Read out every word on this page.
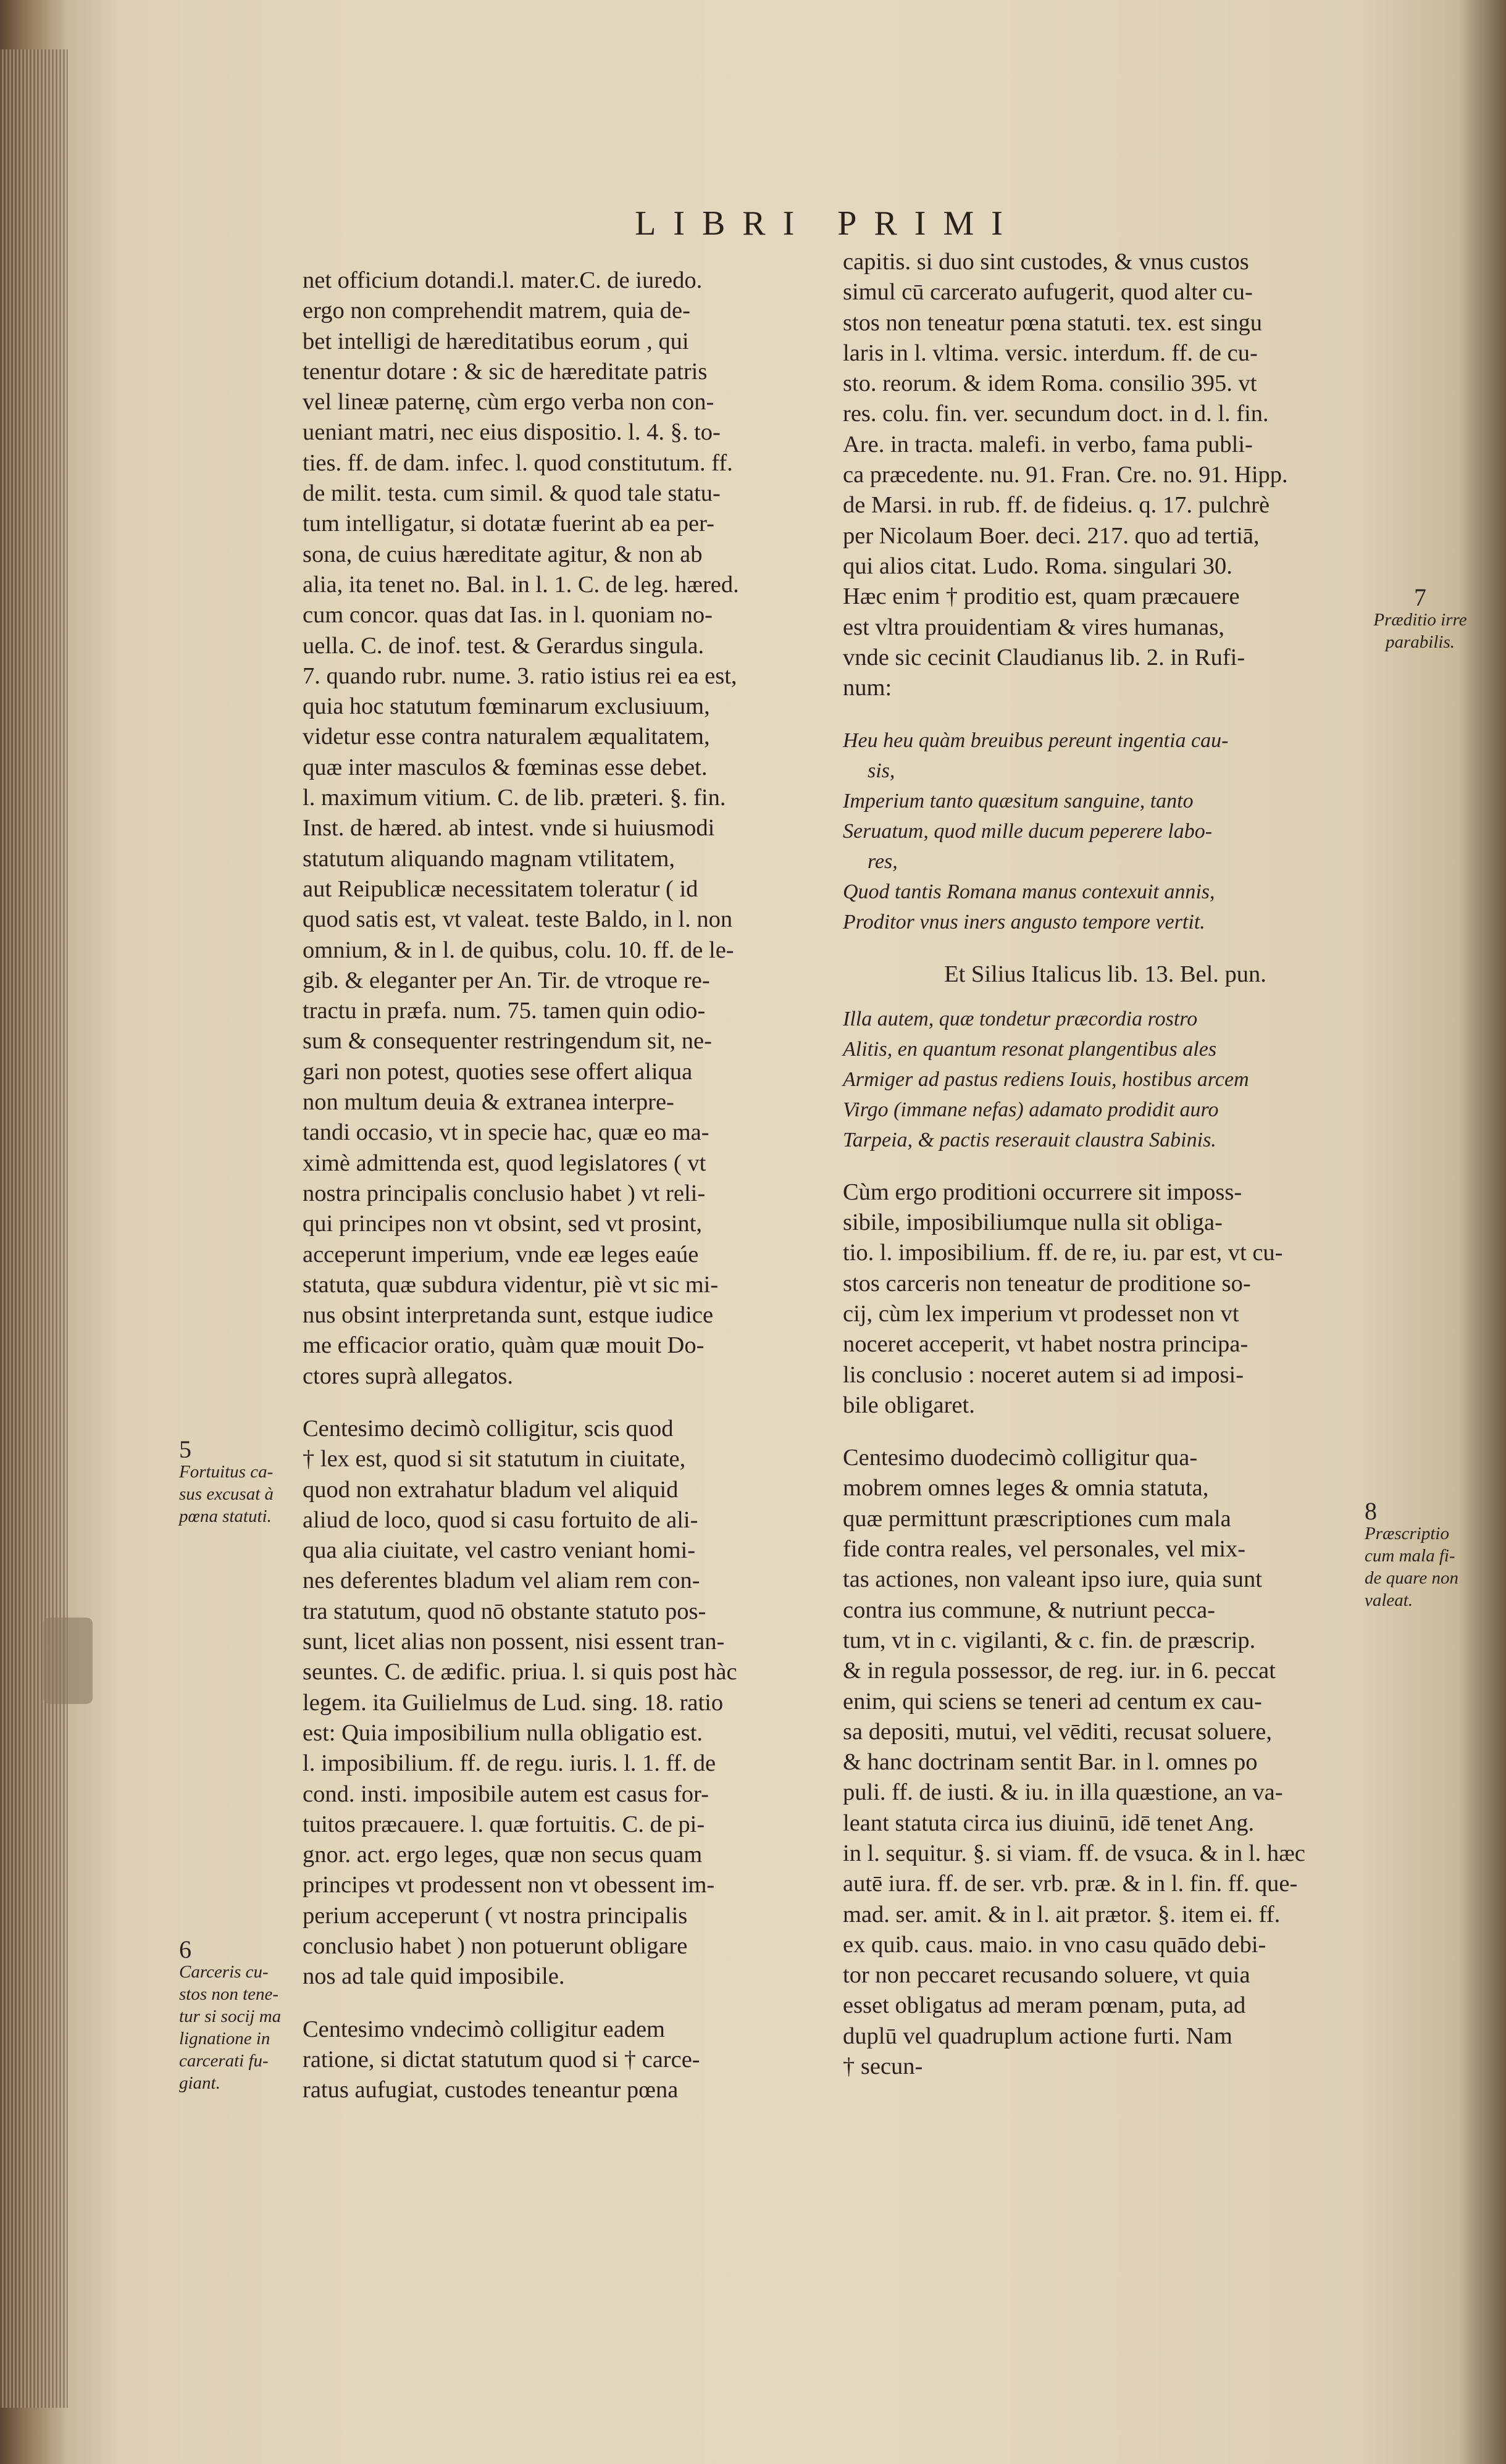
LIBRI PRIMI
net officium dotandi.l. mater.C. de iuredo.
ergo non comprehendit matrem, quia de-
bet intelligi de hæreditatibus eorum , qui
tenentur dotare : & sic de hæreditate patris
vel lineæ paternę, cùm ergo verba non con-
ueniant matri, nec eius dispositio. l. 4. §. to-
ties. ff. de dam. infec. l. quod constitutum. ff.
de milit. testa. cum simil. & quod tale statu-
tum intelligatur, si dotatæ fuerint ab ea per-
sona, de cuius hæreditate agitur, & non ab
alia, ita tenet no. Bal. in l. 1. C. de leg. hæred.
cum concor. quas dat Ias. in l. quoniam no-
uella. C. de inof. test. & Gerardus singula.
7. quando rubr. nume. 3. ratio istius rei ea est,
quia hoc statutum fœminarum exclusiuum,
videtur esse contra naturalem æqualitatem,
quæ inter masculos & fœminas esse debet.
l. maximum vitium. C. de lib. præteri. §. fin.
Inst. de hæred. ab intest. vnde si huiusmodi
statutum aliquando magnam vtilitatem,
aut Reipublicæ necessitatem toleratur ( id
quod satis est, vt valeat. teste Baldo, in l. non
omnium, & in l. de quibus, colu. 10. ff. de le-
gib. & eleganter per An. Tir. de vtroque re-
tractu in præfa. num. 75. tamen quin odio-
sum & consequenter restringendum sit, ne-
gari non potest, quoties sese offert aliqua
non multum deuia & extranea interpre-
tandi occasio, vt in specie hac, quæ eo ma-
ximè admittenda est, quod legislatores ( vt
nostra principalis conclusio habet ) vt reli-
qui principes non vt obsint, sed vt prosint,
acceperunt imperium, vnde eæ leges eaúe
statuta, quæ subdura videntur, piè vt sic mi-
nus obsint interpretanda sunt, estque iudice
me efficacior oratio, quàm quæ mouit Do-
ctores suprà allegatos.
Centesimo decimò colligitur, scis quod
† lex est, quod si sit statutum in ciuitate,
quod non extrahatur bladum vel aliquid
aliud de loco, quod si casu fortuito de ali-
qua alia ciuitate, vel castro veniant homi-
nes deferentes bladum vel aliam rem con-
tra statutum, quod nō obstante statuto pos-
sunt, licet alias non possent, nisi essent tran-
seuntes. C. de ædific. priua. l. si quis post hàc
legem. ita Guilielmus de Lud. sing. 18. ratio
est: Quia imposibilium nulla obligatio est.
l. imposibilium. ff. de regu. iuris. l. 1. ff. de
cond. insti. imposibile autem est casus for-
tuitos præcauere. l. quæ fortuitis. C. de pi-
gnor. act. ergo leges, quæ non secus quam
principes vt prodessent non vt obessent im-
perium acceperunt ( vt nostra principalis
conclusio habet ) non potuerunt obligare
nos ad tale quid imposibile.
Centesimo vndecimò colligitur eadem
ratione, si dictat statutum quod si † carce-
ratus aufugiat, custodes teneantur pœna
capitis. si duo sint custodes, & vnus custos
simul cū carcerato aufugerit, quod alter cu-
stos non teneatur pœna statuti. tex. est singu
laris in l. vltima. versic. interdum. ff. de cu-
sto. reorum. & idem Roma. consilio 395. vt
res. colu. fin. ver. secundum doct. in d. l. fin.
Are. in tracta. malefi. in verbo, fama publi-
ca præcedente. nu. 91. Fran. Cre. no. 91. Hipp.
de Marsi. in rub. ff. de fideius. q. 17. pulchrè
per Nicolaum Boer. deci. 217. quo ad tertiā,
qui alios citat. Ludo. Roma. singulari 30.
Hæc enim † proditio est, quam præcauere
est vltra prouidentiam & vires humanas,
vnde sic cecinit Claudianus lib. 2. in Rufi-
num:
Heu heu quàm breuibus pereunt ingentia cau-
sis,
Imperium tanto quæsitum sanguine, tanto
Seruatum, quod mille ducum peperere labo-
res,
Quod tantis Romana manus contexuit annis,
Proditor vnus iners angusto tempore vertit.
Et Silius Italicus lib. 13. Bel. pun.
Illa autem, quæ tondetur præcordia rostro
Alitis, en quantum resonat plangentibus ales
Armiger ad pastus rediens Iouis, hostibus arcem
Virgo (immane nefas) adamato prodidit auro
Tarpeia, & pactis reserauit claustra Sabinis.
Cùm ergo proditioni occurrere sit imposs-
sibile, imposibiliumque nulla sit obliga-
tio. l. imposibilium. ff. de re, iu. par est, vt cu-
stos carceris non teneatur de proditione so-
cij, cùm lex imperium vt prodesset non vt
noceret acceperit, vt habet nostra principa-
lis conclusio : noceret autem si ad imposi-
bile obligaret.
Centesimo duodecimò colligitur qua-
mobrem omnes leges & omnia statuta,
quæ permittunt præscriptiones cum mala
fide contra reales, vel personales, vel mix-
tas actiones, non valeant ipso iure, quia sunt
contra ius commune, & nutriunt pecca-
tum, vt in c. vigilanti, & c. fin. de præscrip.
& in regula possessor, de reg. iur. in 6. peccat
enim, qui sciens se teneri ad centum ex cau-
sa depositi, mutui, vel vēditi, recusat soluere,
& hanc doctrinam sentit Bar. in l. omnes po
puli. ff. de iusti. & iu. in illa quæstione, an va-
leant statuta circa ius diuinū, idē tenet Ang.
in l. sequitur. §. si viam. ff. de vsuca. & in l. hæc
autē iura. ff. de ser. vrb. præ. & in l. fin. ff. que-
mad. ser. amit. & in l. ait prætor. §. item ei. ff.
ex quib. caus. maio. in vno casu quādo debi-
tor non peccaret recusando soluere, vt quia
esset obligatus ad meram pœnam, puta, ad
duplū vel quadruplum actione furti. Nam
† secun-
5
Fortuitus ca-
sus excusat à
pœna statuti.
6
Carceris cu-
stos non tene-
tur si socij ma
lignatione in
carcerati fu-
giant.
7
Præditio irre
parabilis.
8
Præscriptio
cum mala fi-
de quare non
valeat.
